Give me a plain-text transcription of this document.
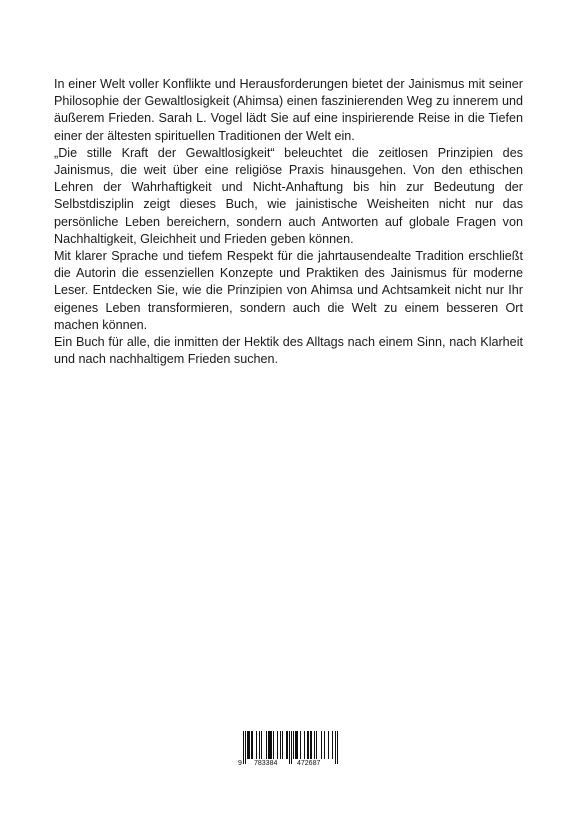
In einer Welt voller Konflikte und Herausforderungen bietet der Jainismus mit seiner Philosophie der Gewaltlosigkeit (Ahimsa) einen faszinierenden Weg zu innerem und äußerem Frieden. Sarah L. Vogel lädt Sie auf eine inspirierende Reise in die Tiefen einer der ältesten spirituellen Traditionen der Welt ein.

„Die stille Kraft der Gewaltlosigkeit“ beleuchtet die zeitlosen Prinzipien des Jainismus, die weit über eine religiöse Praxis hinausgehen. Von den ethischen Lehren der Wahrhaftigkeit und Nicht-Anhaftung bis hin zur Bedeutung der Selbstdisziplin zeigt dieses Buch, wie jainistische Weisheiten nicht nur das persönliche Leben bereichern, sondern auch Antworten auf globale Fragen von Nachhaltigkeit, Gleichheit und Frieden geben können.

Mit klarer Sprache und tiefem Respekt für die jahrtausendealte Tradition erschließt die Autorin die essenziellen Konzepte und Praktiken des Jainismus für moderne Leser. Entdecken Sie, wie die Prinzipien von Ahimsa und Achtsamkeit nicht nur Ihr eigenes Leben transformieren, sondern auch die Welt zu einem besseren Ort machen können.

Ein Buch für alle, die inmitten der Hektik des Alltags nach einem Sinn, nach Klarheit und nach nachhaltigem Frieden suchen.

9 783384	472687
